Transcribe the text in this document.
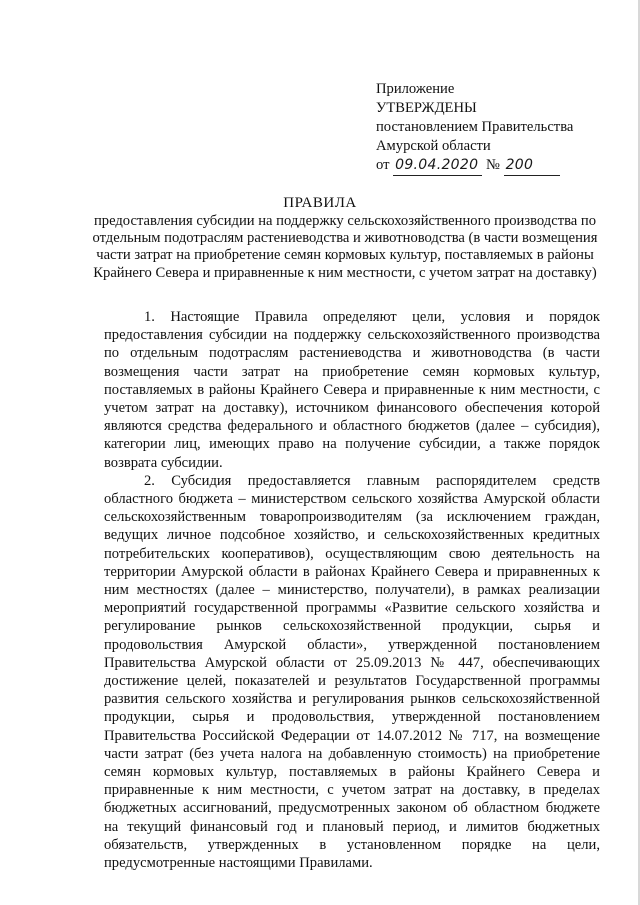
Приложение
УТВЕРЖДЕНЫ
постановлением Правительства
Амурской области
от 09.04.2020 № 200
ПРАВИЛА
предоставления субсидии на поддержку сельскохозяйственного производства по отдельным подотраслям растениеводства и животноводства (в части возмещения части затрат на приобретение семян кормовых культур, поставляемых в районы Крайнего Севера и приравненные к ним местности, с учетом затрат на доставку)

1. Настоящие Правила определяют цели, условия и порядок предоставления субсидии на поддержку сельскохозяйственного производства по отдельным подотраслям растениеводства и животноводства (в части возмещения части затрат на приобретение семян кормовых культур, поставляемых в районы Крайнего Севера и приравненные к ним местности, с учетом затрат на доставку), источником финансового обеспечения которой являются средства федерального и областного бюджетов (далее – субсидия), категории лиц, имеющих право на получение субсидии, а также порядок возврата субсидии.

2. Субсидия предоставляется главным распорядителем средств областного бюджета – министерством сельского хозяйства Амурской области сельскохозяйственным товаропроизводителям (за исключением граждан, ведущих личное подсобное хозяйство, и сельскохозяйственных кредитных потребительских кооперативов), осуществляющим свою деятельность на территории Амурской области в районах Крайнего Севера и приравненных к ним местностях (далее – министерство, получатели), в рамках реализации мероприятий государственной программы «Развитие сельского хозяйства и регулирование рынков сельскохозяйственной продукции, сырья и продовольствия Амурской области», утвержденной постановлением Правительства Амурской области от 25.09.2013 № 447, обеспечивающих достижение целей, показателей и результатов Государственной программы развития сельского хозяйства и регулирования рынков сельскохозяйственной продукции, сырья и продовольствия, утвержденной постановлением Правительства Российской Федерации от 14.07.2012 № 717, на возмещение части затрат (без учета налога на добавленную стоимость) на приобретение семян кормовых культур, поставляемых в районы Крайнего Севера и приравненные к ним местности, с учетом затрат на доставку, в пределах бюджетных ассигнований, предусмотренных законом об областном бюджете на текущий финансовый год и плановый период, и лимитов бюджетных обязательств, утвержденных в установленном порядке на цели, предусмотренные настоящими Правилами.
